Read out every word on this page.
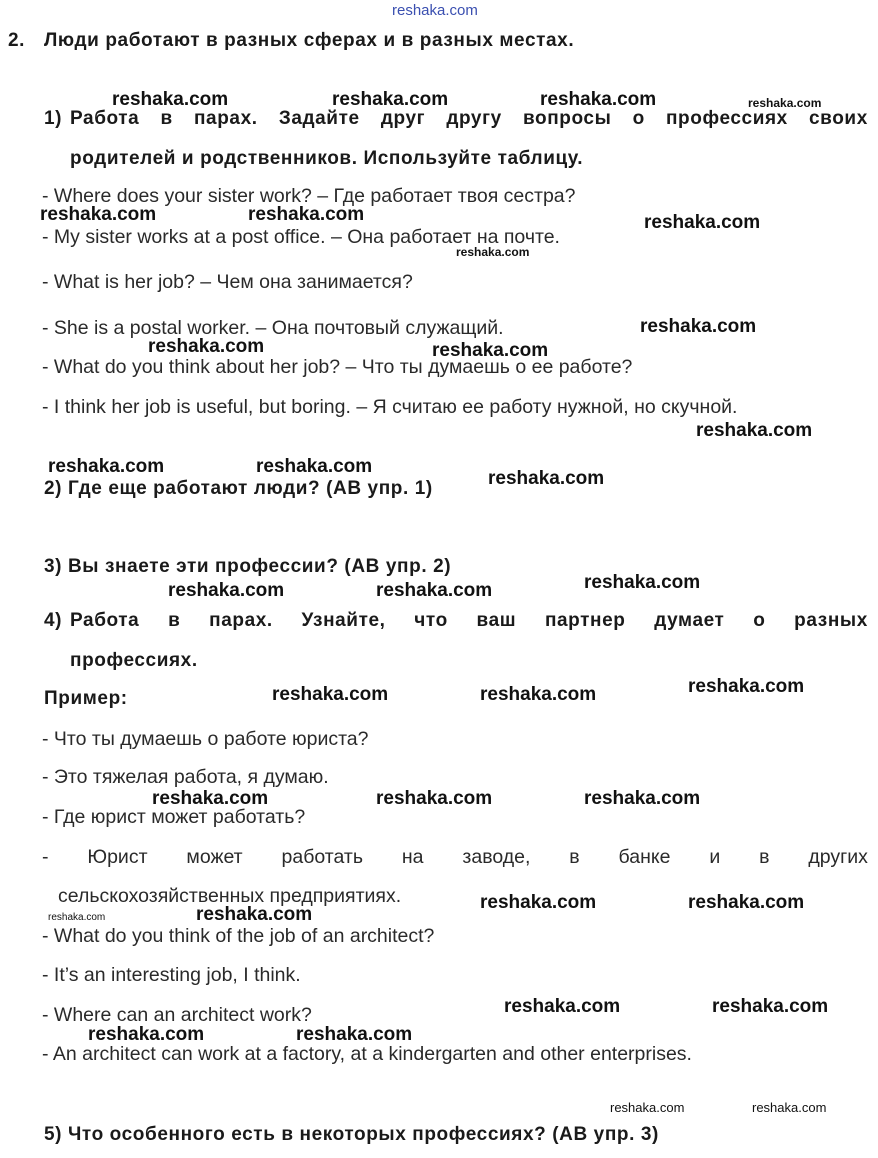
reshaka.com
2. Люди работают в разных сферах и в разных местах.
1) Работа в парах. Задайте друг другу вопросы о профессиях своих
родителей и родственников. Используйте таблицу.
- Where does your sister work? – Где работает твоя сестра?
- My sister works at a post office. – Она работает на почте.
- What is her job? – Чем она занимается?
- She is a postal worker. – Она почтовый служащий.
- What do you think about her job? – Что ты думаешь о ее работе?
- I think her job is useful, but boring. – Я считаю ее работу нужной, но скучной.
2) Где еще работают люди? (AB упр. 1)
3) Вы знаете эти профессии? (AB упр. 2)
4) Работа в парах. Узнайте, что ваш партнер думает о разных
профессиях.
Пример:
- Что ты думаешь о работе юриста?
- Это тяжелая работа, я думаю.
- Где юрист может работать?
- Юрист может работать на заводе, в банке и в других
сельскохозяйственных предприятиях.
- What do you think of the job of an architect?
- It’s an interesting job, I think.
- Where can an architect work?
- An architect can work at a factory, at a kindergarten and other enterprises.
5) Что особенного есть в некоторых профессиях? (AB упр. 3)
reshaka.com	reshaka.com	reshaka.com	reshaka.com
reshaka.com	reshaka.com	reshaka.com
reshaka.com
reshaka.com
reshaka.com	reshaka.com
reshaka.com
reshaka.com	reshaka.com
reshaka.com
reshaka.com
reshaka.com	reshaka.com
reshaka.com
reshaka.com	reshaka.com
reshaka.com	reshaka.com	reshaka.com
reshaka.com	reshaka.com
reshaka.com
reshaka.com
reshaka.com	reshaka.com
reshaka.com	reshaka.com
reshaka.com	reshaka.com
